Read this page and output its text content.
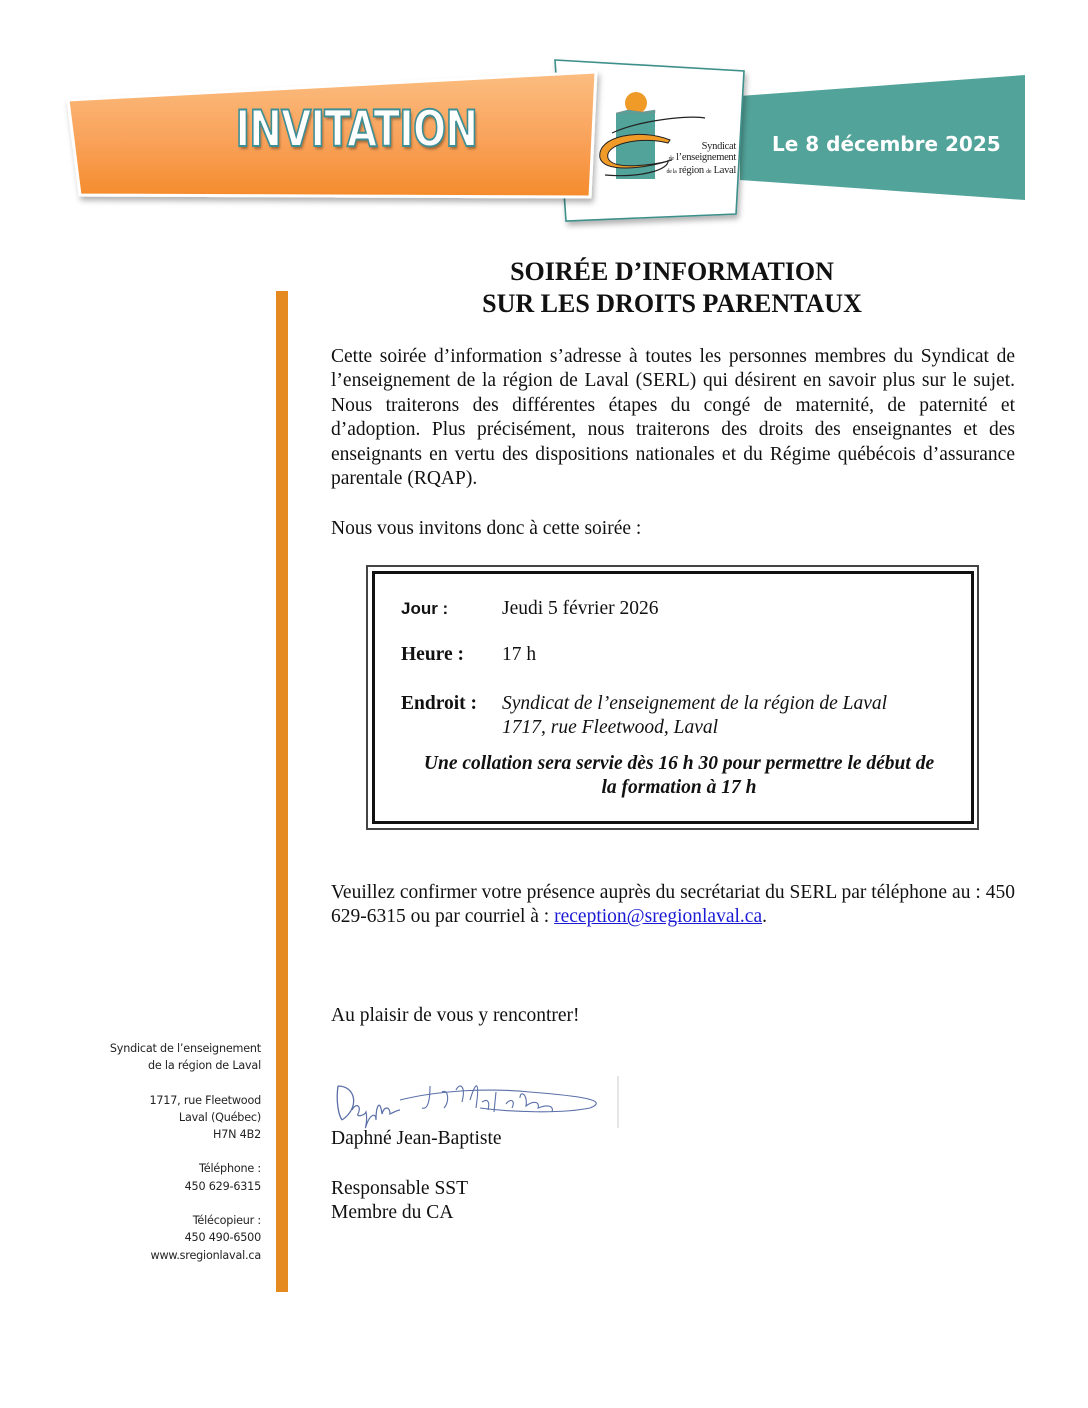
INVITATION	Le 8 décembre 2025
Syndicat
de l’enseignement
de la région de Laval
SOIRÉE D’INFORMATION
SUR LES DROITS PARENTAUX

Cette soirée d’information s’adresse à toutes les personnes membres du Syndicat de l’enseignement de la région de Laval (SERL) qui désirent en savoir plus sur le sujet. Nous traiterons des différentes étapes du congé de maternité, de paternité et d’adoption. Plus précisément, nous traiterons des droits des enseignantes et des enseignants en vertu des dispositions nationales et du Régime québécois d’assurance parentale (RQAP).

Nous vous invitons donc à cette soirée :

Jour :	Jeudi 5 février 2026
Heure : 17 h
Endroit : Syndicat de l’enseignement de la région de Laval
1717, rue Fleetwood, Laval
Une collation sera servie dès 16 h 30 pour permettre le début de
la formation à 17 h

Veuillez confirmer votre présence auprès du secrétariat du SERL par téléphone au : 450 629-6315 ou par courriel à : reception@sregionlaval.ca.

Au plaisir de vous y rencontrer!

Daphné Jean-Baptiste
Responsable SST
Membre du CA
Syndicat de l’enseignement
de la région de Laval
1717, rue Fleetwood
Laval (Québec)
H7N 4B2
Téléphone :
450 629-6315
Télécopieur :
450 490-6500
www.sregionlaval.ca
